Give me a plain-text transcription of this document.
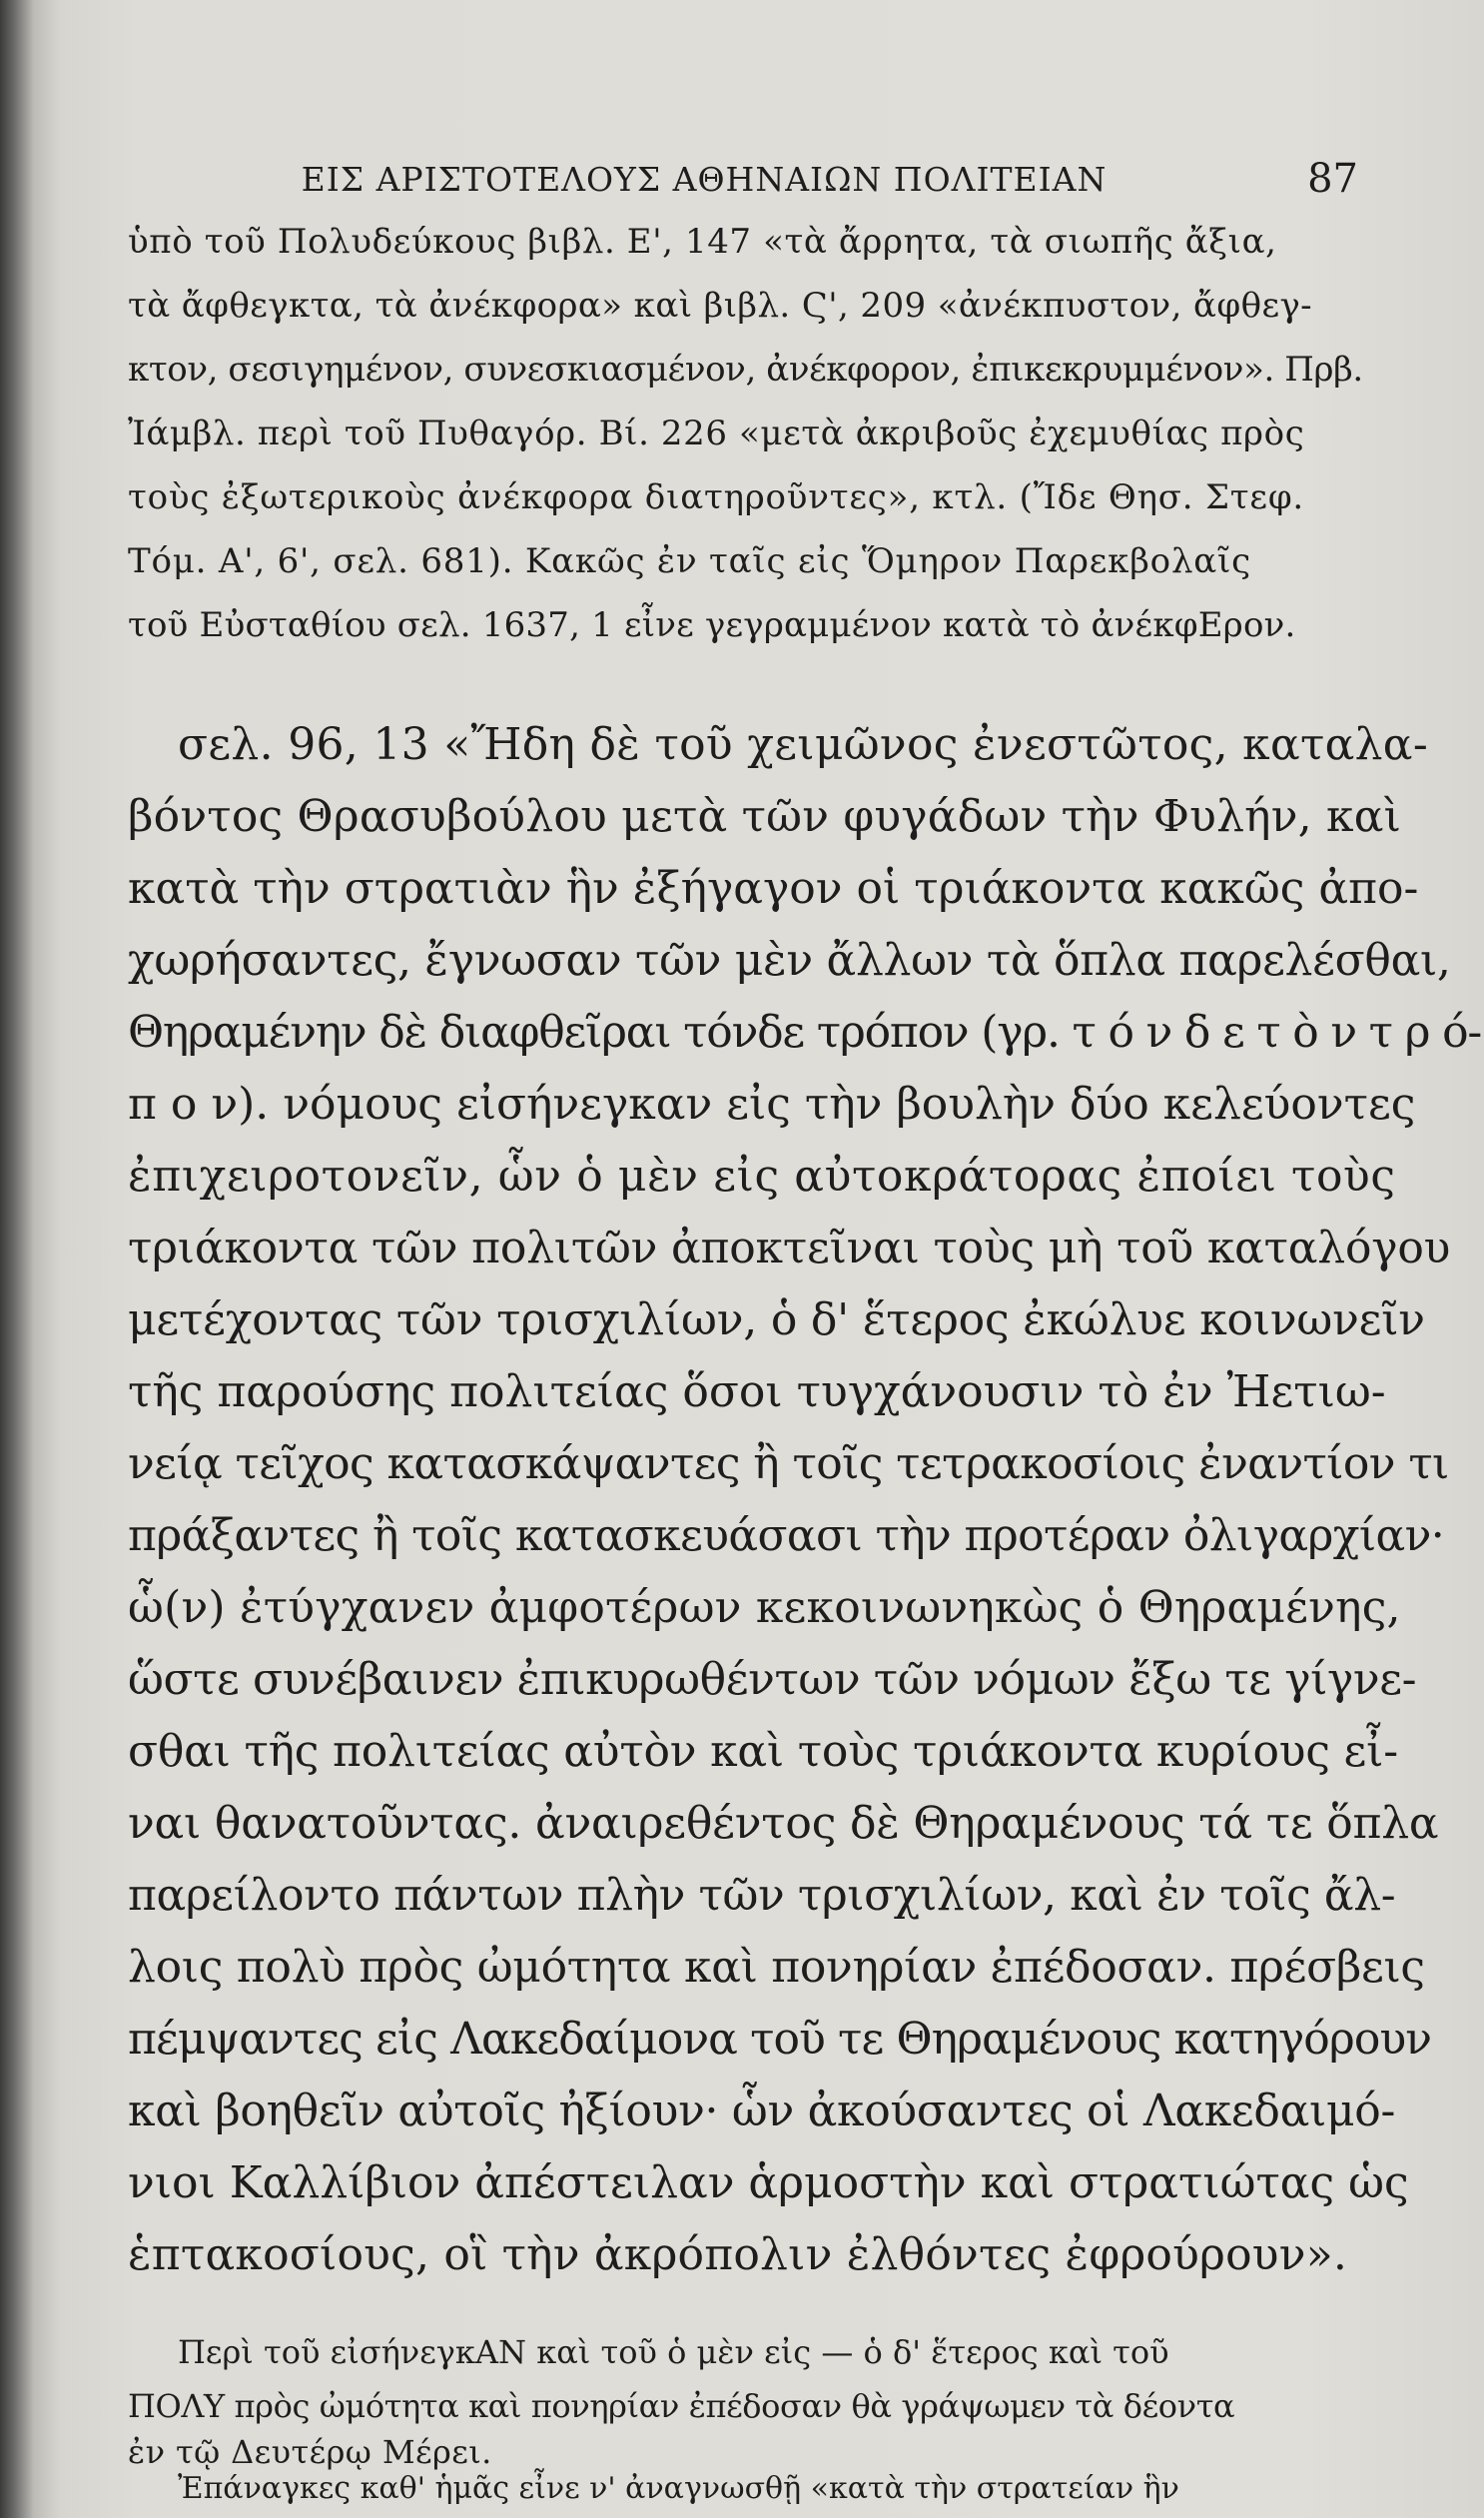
ΕΙΣ ΑΡΙΣΤΟΤΕΛΟΥΣ ΑΘΗΝΑΙΩΝ ΠΟΛΙΤΕΙΑΝ	87
ὑπὸ τοῦ Πολυδεύκους βιβλ. Ε', 147 «τὰ ἄρρητα, τὰ σιωπῆς ἄξια,
τὰ ἄφθεγκτα, τὰ ἀνέκφορα» καὶ βιβλ. Ϛ', 209 «ἀνέκπυστον, ἄφθεγ-
κτον, σεσιγημένον, συνεσκιασμένον, ἀνέκφορον, ἐπικεκρυμμένον». Πρβ.
Ἰάμβλ. περὶ τοῦ Πυθαγόρ. Βί. 226 «μετὰ ἀκριβοῦς ἐχεμυθίας πρὸς
τοὺς ἐξωτερικοὺς ἀνέκφορα διατηροῦντες», κτλ. (Ἴδε Θησ. Στεφ.
Τόμ. Α', 6', σελ. 681). Κακῶς ἐν ταῖς εἰς Ὅμηρον Παρεκβολαῖς
τοῦ Εὐσταθίου σελ. 1637, 1 εἶνε γεγραμμένον κατὰ τὸ ἀνέκφΕρον.
σελ. 96, 13 «Ἤδη δὲ τοῦ χειμῶνος ἐνεστῶτος, καταλα-
βόντος Θρασυβούλου μετὰ τῶν φυγάδων τὴν Φυλήν, καὶ
κατὰ τὴν στρατιὰν ἣν ἐξήγαγον οἱ τριάκοντα κακῶς ἀπο-
χωρήσαντες, ἔγνωσαν τῶν μὲν ἄλλων τὰ ὅπλα παρελέσθαι,
Θηραμένην δὲ διαφθεῖραι τόνδε τρόπον (γρ. τ ό ν δ ε τ ὸ ν τ ρ ό-
π ο ν). νόμους εἰσήνεγκαν εἰς τὴν βουλὴν δύο κελεύοντες
ἐπιχειροτονεῖν, ὧν ὁ μὲν εἰς αὐτοκράτορας ἐποίει τοὺς
τριάκοντα τῶν πολιτῶν ἀποκτεῖναι τοὺς μὴ τοῦ καταλόγου
μετέχοντας τῶν τρισχιλίων, ὁ δ' ἕτερος ἐκώλυε κοινωνεῖν
τῆς παρούσης πολιτείας ὅσοι τυγχάνουσιν τὸ ἐν Ἠετιω-
νείᾳ τεῖχος κατασκάψαντες ἢ τοῖς τετρακοσίοις ἐναντίον τι
πράξαντες ἢ τοῖς κατασκευάσασι τὴν προτέραν ὀλιγαρχίαν·
ὧ(ν) ἐτύγχανεν ἀμφοτέρων κεκοινωνηκὼς ὁ Θηραμένης,
ὥστε συνέβαινεν ἐπικυρωθέντων τῶν νόμων ἔξω τε γίγνε-
σθαι τῆς πολιτείας αὐτὸν καὶ τοὺς τριάκοντα κυρίους εἶ-
ναι θανατοῦντας. ἀναιρεθέντος δὲ Θηραμένους τά τε ὅπλα
παρείλοντο πάντων πλὴν τῶν τρισχιλίων, καὶ ἐν τοῖς ἄλ-
λοις πολὺ πρὸς ὠμότητα καὶ πονηρίαν ἐπέδοσαν. πρέσβεις
πέμψαντες εἰς Λακεδαίμονα τοῦ τε Θηραμένους κατηγόρουν
καὶ βοηθεῖν αὐτοῖς ἠξίουν· ὧν ἀκούσαντες οἱ Λακεδαιμό-
νιοι Καλλίβιον ἀπέστειλαν ἁρμοστὴν καὶ στρατιώτας ὡς
ἑπτακοσίους, οἳ τὴν ἀκρόπολιν ἐλθόντες ἐφρούρουν».
Περὶ τοῦ εἰσήνεγκΑΝ καὶ τοῦ ὁ μὲν εἰς — ὁ δ' ἕτερος καὶ τοῦ
ΠΟΛΥ πρὸς ὠμότητα καὶ πονηρίαν ἐπέδοσαν θὰ γράψωμεν τὰ δέοντα
ἐν τῷ Δευτέρῳ Μέρει.
Ἐπάναγκες καθ' ἡμᾶς εἶνε ν' ἀναγνωσθῇ «κατὰ τὴν στρατείαν ἣν
